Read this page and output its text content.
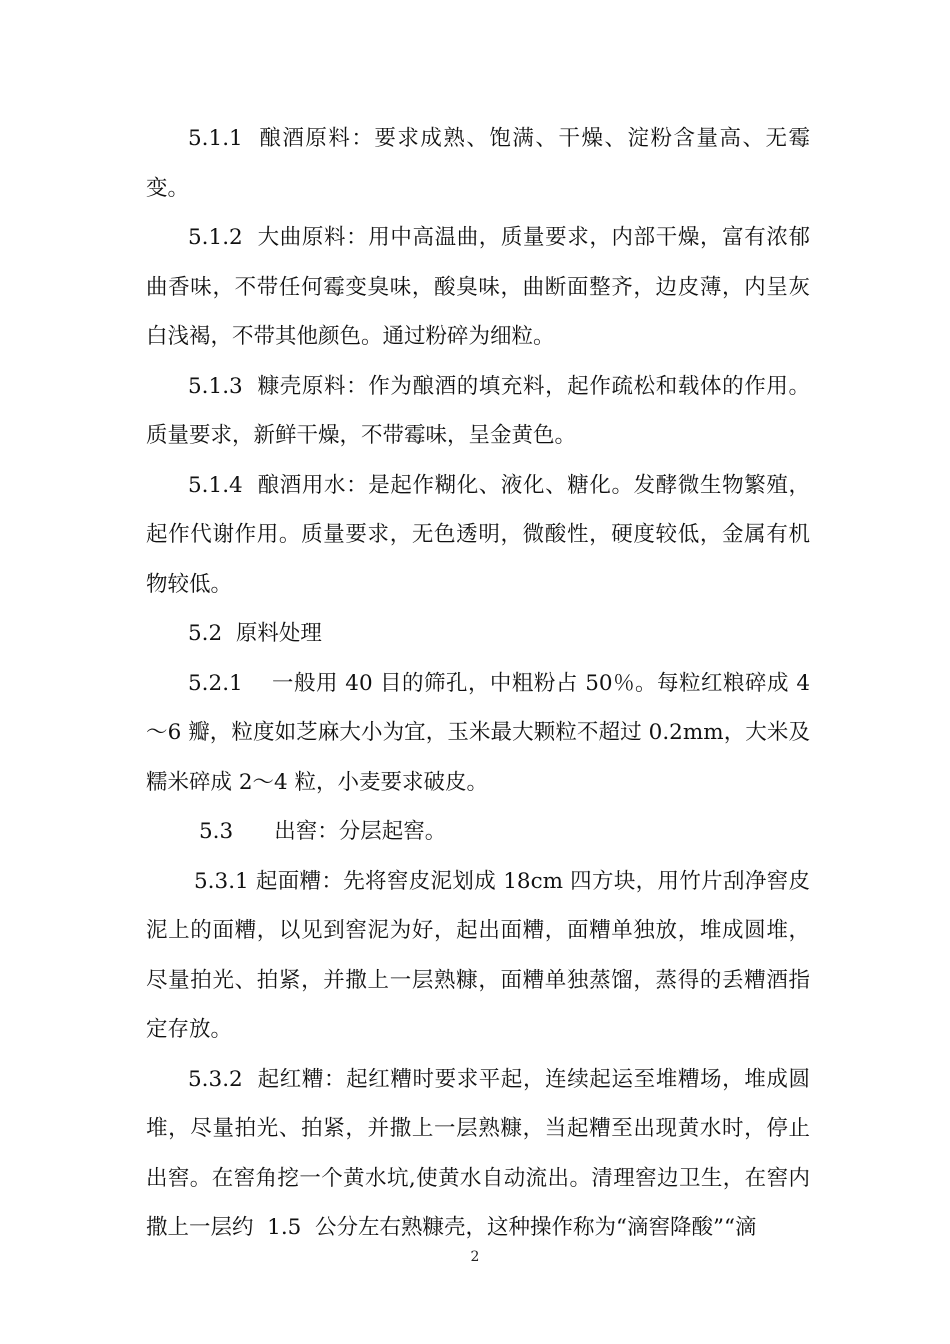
5.1.1  酿酒原料：要求成熟、饱满、干燥、淀粉含量高、无霉变。

5.1.2  大曲原料：用中高温曲，质量要求，内部干燥，富有浓郁曲香味，不带任何霉变臭味，酸臭味，曲断面整齐，边皮薄，内呈灰白浅褐，不带其他颜色。通过粉碎为细粒。

5.1.3  糠壳原料：作为酿酒的填充料，起作疏松和载体的作用。质量要求，新鲜干燥，不带霉味，呈金黄色。

5.1.4  酿酒用水：是起作糊化、液化、糖化。发酵微生物繁殖，起作代谢作用。质量要求，无色透明，微酸性，硬度较低，金属有机物较低。

5.2  原料处理

5.2.1    一般用 40 目的筛孔，中粗粉占 50％。每粒红粮碎成 4～6 瓣，粒度如芝麻大小为宜，玉米最大颗粒不超过 0.2mm，大米及糯米碎成 2～4 粒，小麦要求破皮。

5.3      出窖：分层起窖。

5.3.1 起面糟：先将窖皮泥划成 18cm 四方块，用竹片刮净窖皮泥上的面糟，以见到窖泥为好，起出面糟，面糟单独放，堆成圆堆，尽量拍光、拍紧，并撒上一层熟糠，面糟单独蒸馏，蒸得的丢糟酒指定存放。

5.3.2  起红糟：起红糟时要求平起，连续起运至堆糟场，堆成圆堆，尽量拍光、拍紧，并撒上一层熟糠，当起糟至出现黄水时，停止出窖。在窖角挖一个黄水坑,使黄水自动流出。清理窖边卫生，在窖内撒上一层约  1.5  公分左右熟糠壳，这种操作称为“滴窖降酸”“滴

2
